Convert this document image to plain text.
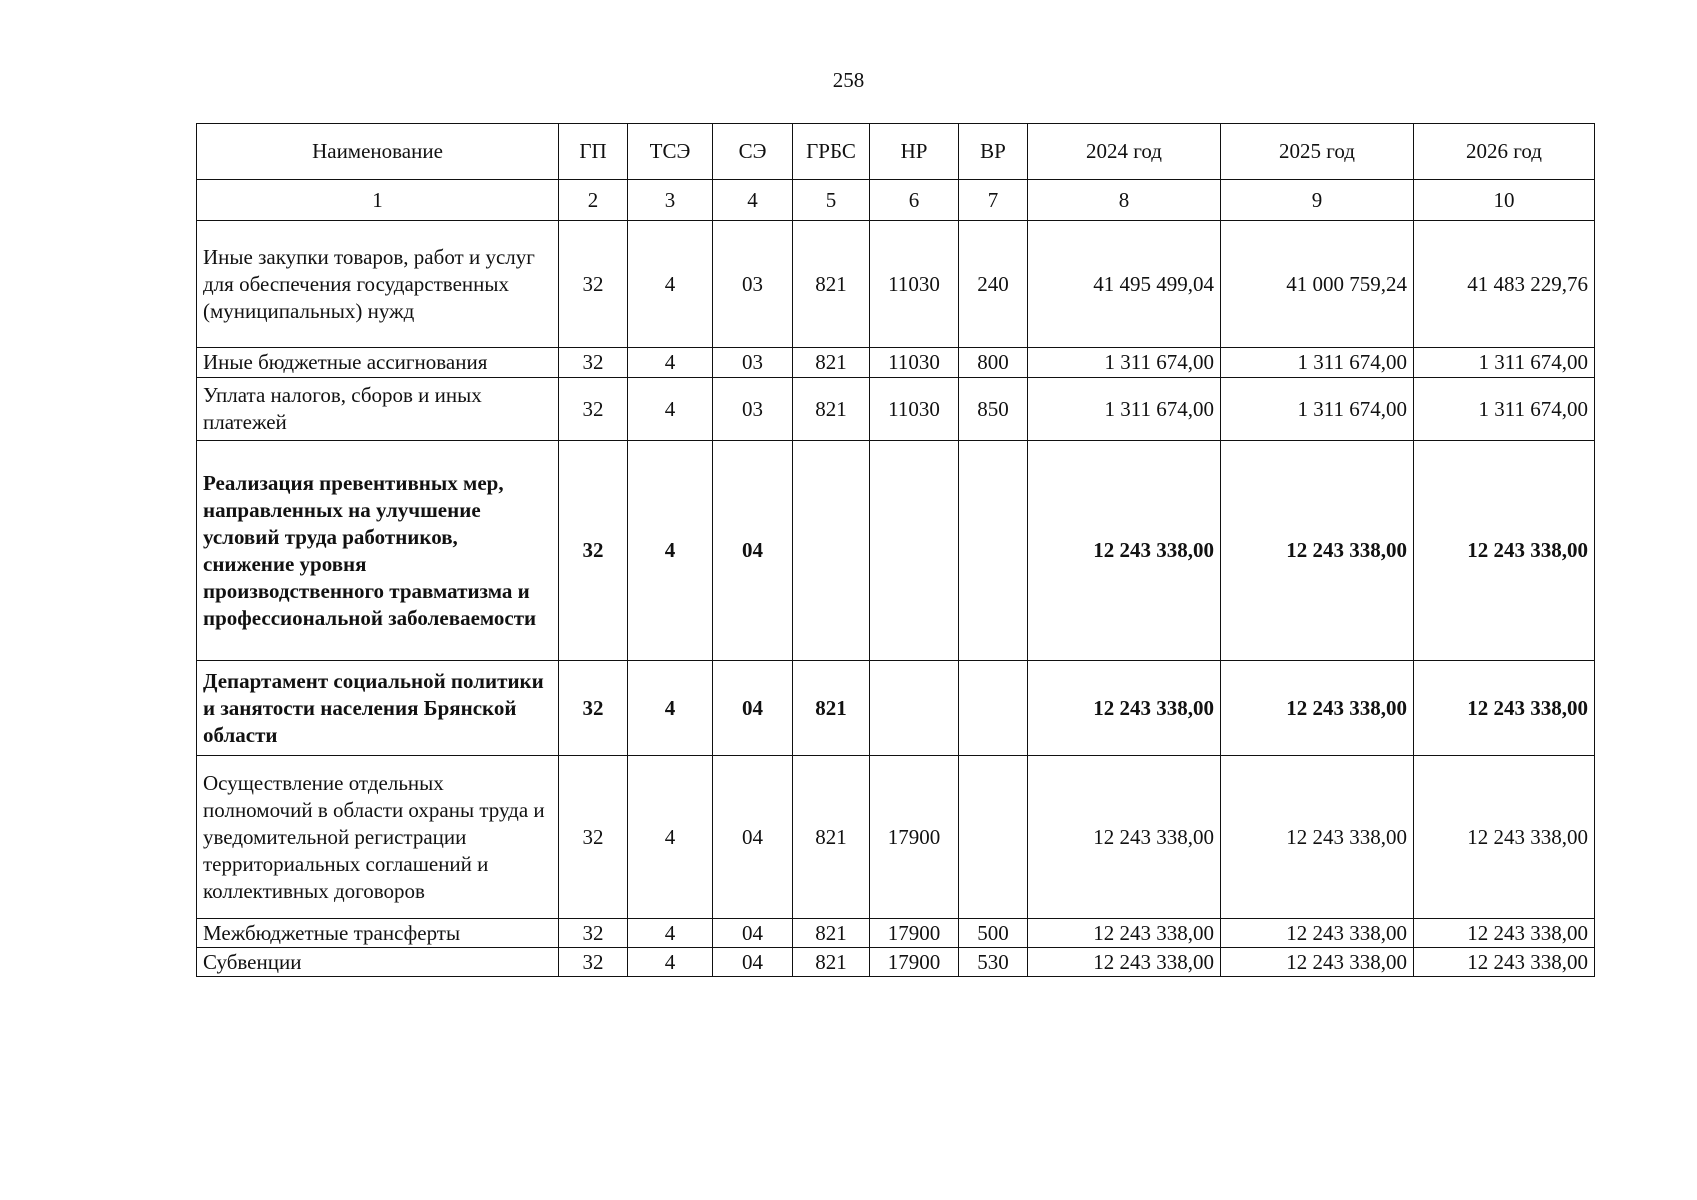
258
Наименование	ГП	ТСЭ	СЭ	ГРБС	НР	ВР	2024 год	2025 год	2026 год
1	2	3	4	5	6	7	8	9	10
Иные закупки товаров, работ и услуг для обеспечения государственных (муниципальных) нужд	32	4	03	821	11030	240	41 495 499,04	41 000 759,24	41 483 229,76
Иные бюджетные ассигнования	32	4	03	821	11030	800	1 311 674,00	1 311 674,00	1 311 674,00
Уплата налогов, сборов и иных платежей	32	4	03	821	11030	850	1 311 674,00	1 311 674,00	1 311 674,00
Реализация превентивных мер, направленных на улучшение условий труда работников, снижение уровня производственного травматизма и профессиональной заболеваемости	32	4	04				12 243 338,00	12 243 338,00	12 243 338,00
Департамент социальной политики и занятости населения Брянской области	32	4	04	821			12 243 338,00	12 243 338,00	12 243 338,00
Осуществление отдельных полномочий в области охраны труда и уведомительной регистрации территориальных соглашений и коллективных договоров	32	4	04	821	17900		12 243 338,00	12 243 338,00	12 243 338,00
Межбюджетные трансферты	32	4	04	821	17900	500	12 243 338,00	12 243 338,00	12 243 338,00
Субвенции	32	4	04	821	17900	530	12 243 338,00	12 243 338,00	12 243 338,00
